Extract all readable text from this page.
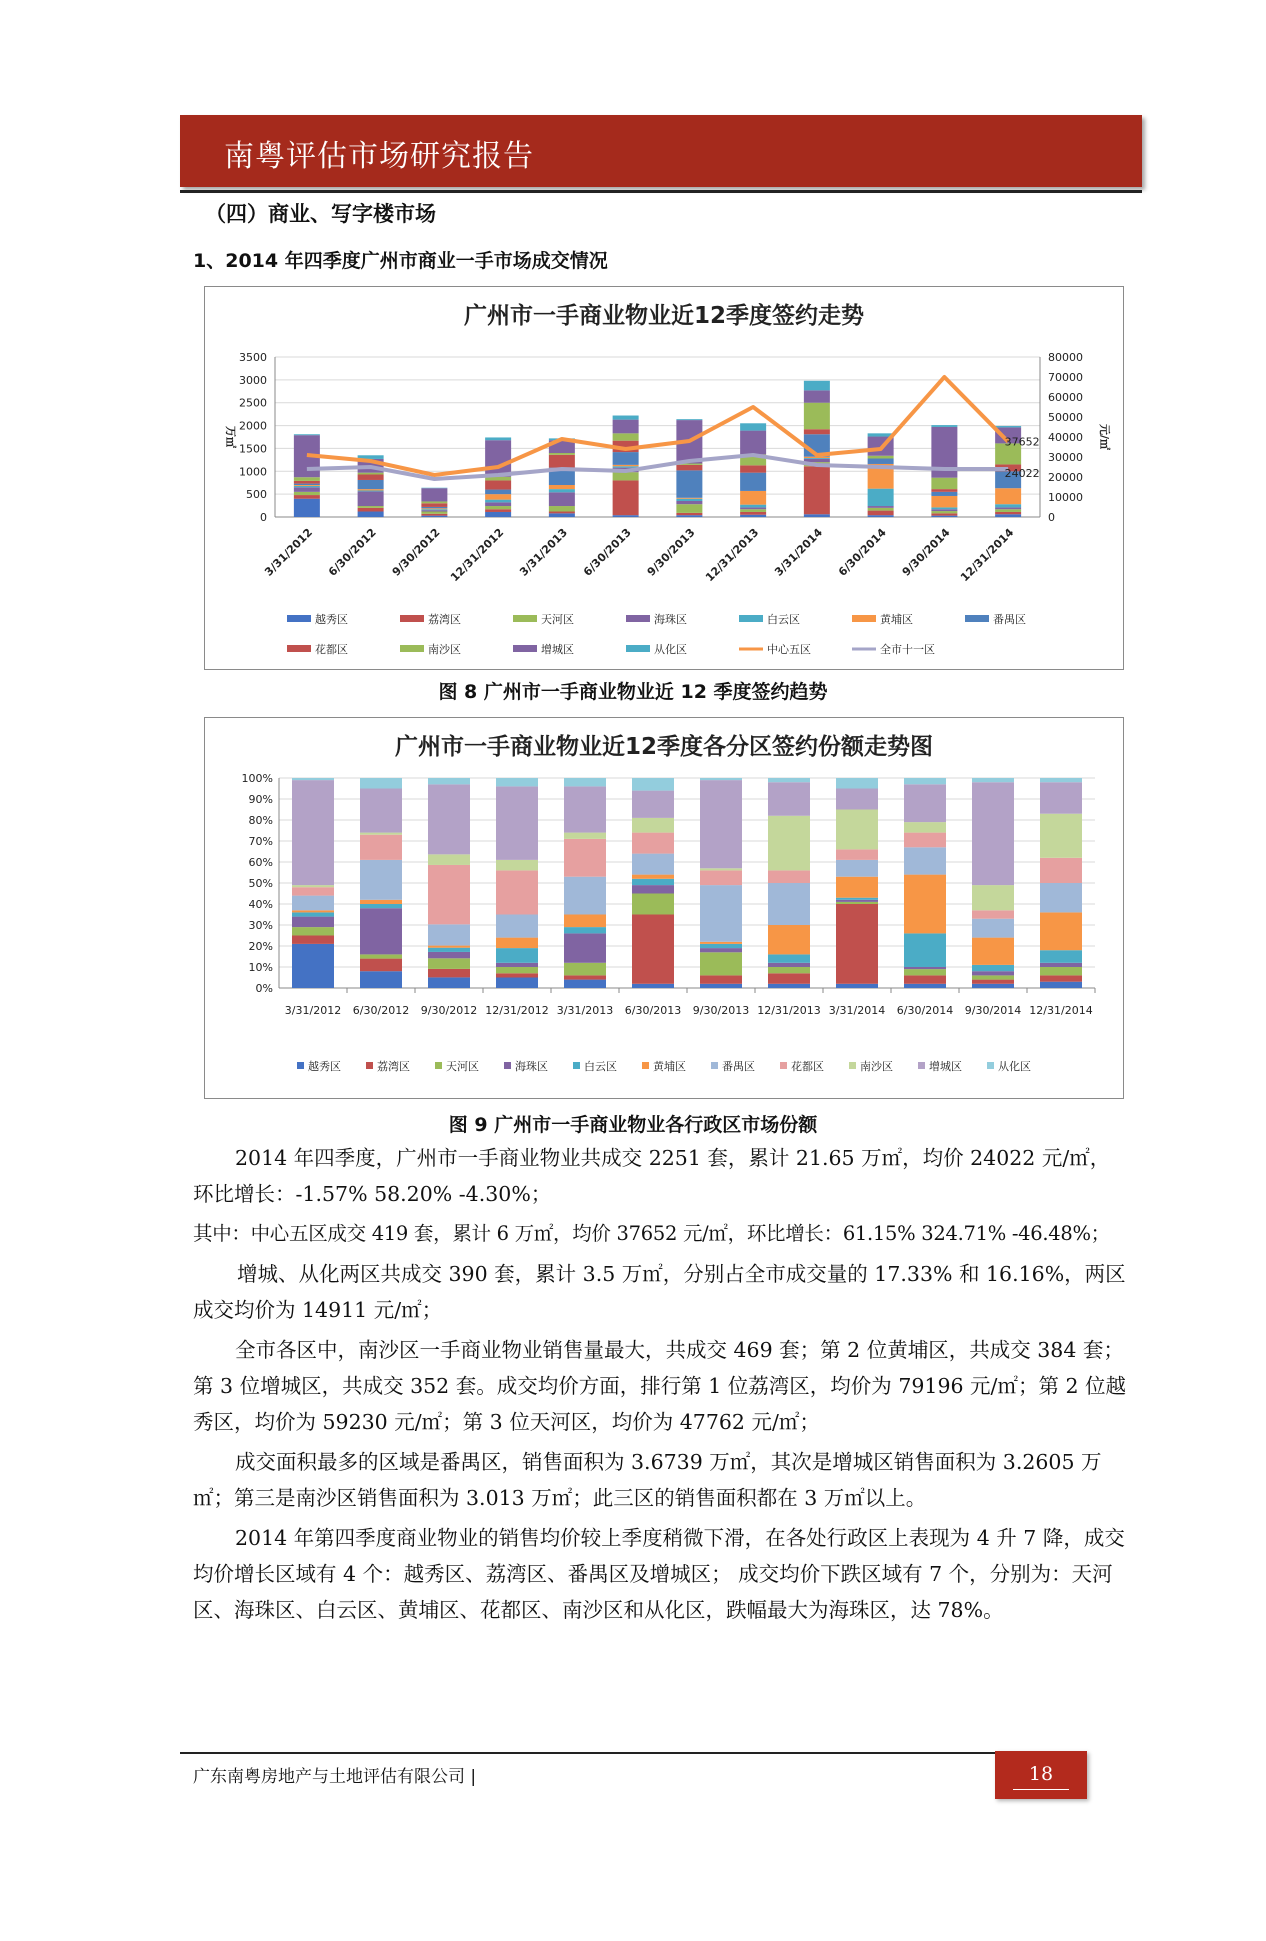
南粤评估市场研究报告
（四）商业、写字楼市场
1、2014 年四季度广州市商业一手市场成交情况
广州市一手商业物业近12季度签约走势
0
500
1000
1500
2000
2500
3000
3500
0
10000
20000
30000
40000
50000
60000
70000
80000
万㎡	元/㎡
3/31/2012 6/30/2012 9/30/2012 12/31/2012 3/31/2013 6/30/2013 9/30/2013 12/31/2013 3/31/2014 6/30/2014 9/30/2014 12/31/2014
37652
24022
越秀区	荔湾区	天河区	海珠区	白云区	黄埔区	番禺区
花都区	南沙区	增城区	从化区	中心五区	全市十一区
图 8 广州市一手商业物业近 12 季度签约趋势
广州市一手商业物业近12季度各分区签约份额走势图
0%
10%
20%
30%
40%
50%
60%
70%
80%
90%
100%
3/31/2012 6/30/2012 9/30/2012 12/31/2012 3/31/2013 6/30/2013 9/30/2013 12/31/2013 3/31/2014 6/30/2014 9/30/2014 12/31/2014
越秀区	荔湾区	天河区	海珠区	白云区	黄埔区	番禺区	花都区	南沙区	增城区	从化区
图 9 广州市一手商业物业各行政区市场份额

2014 年四季度，广州市一手商业物业共成交 2251 套，累计 21.65 万㎡，均价 24022 元/㎡，

环比增长：-1.57% 58.20% -4.30%；

其中：中心五区成交 419 套，累计 6 万㎡，均价 37652 元/㎡，环比增长：61.15% 324.71% -46.48%；

增城、从化两区共成交 390 套，累计 3.5 万㎡，分别占全市成交量的 17.33% 和 16.16%，两区成交均价为 14911 元/㎡；

全市各区中，南沙区一手商业物业销售量最大，共成交 469 套；第 2 位黄埔区，共成交 384 套；第 3 位增城区，共成交 352 套。成交均价方面，排行第 1 位荔湾区，均价为 79196 元/㎡；第 2 位越秀区，均价为 59230 元/㎡；第 3 位天河区，均价为 47762 元/㎡；

成交面积最多的区域是番禺区，销售面积为 3.6739 万㎡，其次是增城区销售面积为 3.2605 万㎡；第三是南沙区销售面积为 3.013 万㎡；此三区的销售面积都在 3 万㎡以上。

2014 年第四季度商业物业的销售均价较上季度稍微下滑，在各处行政区上表现为 4 升 7 降，成交均价增长区域有 4 个：越秀区、荔湾区、番禺区及增城区； 成交均价下跌区域有 7 个，分别为：天河区、海珠区、白云区、黄埔区、花都区、南沙区和从化区，跌幅最大为海珠区，达 78%。

广东南粤房地产与土地评估有限公司 |	18
